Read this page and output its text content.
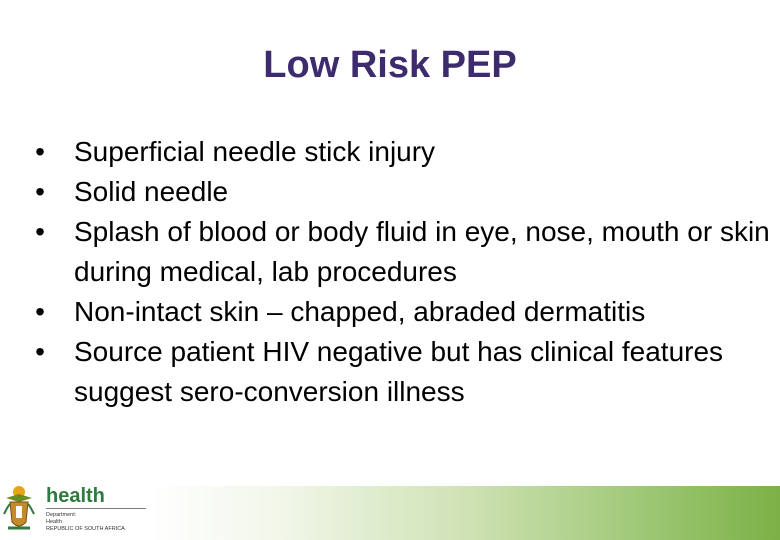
Low Risk PEP
• Superficial needle stick injury
• Solid needle
• Splash of blood or body fluid in eye, nose, mouth or skin during medical, lab procedures
• Non-intact skin – chapped, abraded dermatitis
• Source patient HIV negative but has clinical features suggest sero-conversion illness
health
Department:
Health
REPUBLIC OF SOUTH AFRICA
